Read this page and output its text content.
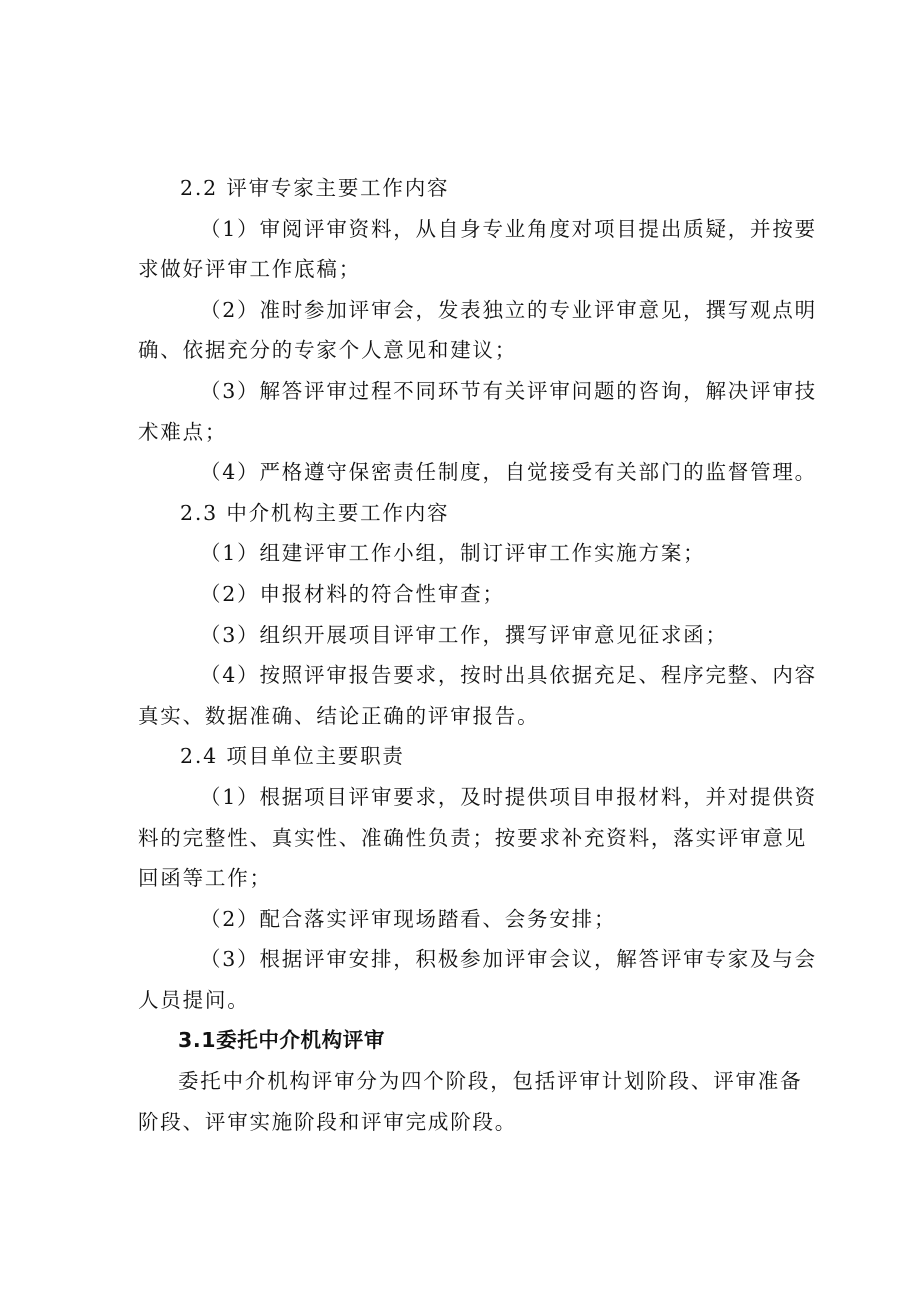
2.2 评审专家主要工作内容
（1）审阅评审资料，从自身专业角度对项目提出质疑，并按要
求做好评审工作底稿；
（2）准时参加评审会，发表独立的专业评审意见，撰写观点明
确、依据充分的专家个人意见和建议；
（3）解答评审过程不同环节有关评审问题的咨询，解决评审技
术难点；
（4）严格遵守保密责任制度，自觉接受有关部门的监督管理。
2.3 中介机构主要工作内容
（1）组建评审工作小组，制订评审工作实施方案；
（2）申报材料的符合性审查；
（3）组织开展项目评审工作，撰写评审意见征求函；
（4）按照评审报告要求，按时出具依据充足、程序完整、内容
真实、数据准确、结论正确的评审报告。
2.4 项目单位主要职责
（1）根据项目评审要求，及时提供项目申报材料，并对提供资
料的完整性、真实性、准确性负责；按要求补充资料，落实评审意见
回函等工作；
（2）配合落实评审现场踏看、会务安排；
（3）根据评审安排，积极参加评审会议，解答评审专家及与会
人员提问。
3.1委托中介机构评审
委托中介机构评审分为四个阶段，包括评审计划阶段、评审准备
阶段、评审实施阶段和评审完成阶段。
